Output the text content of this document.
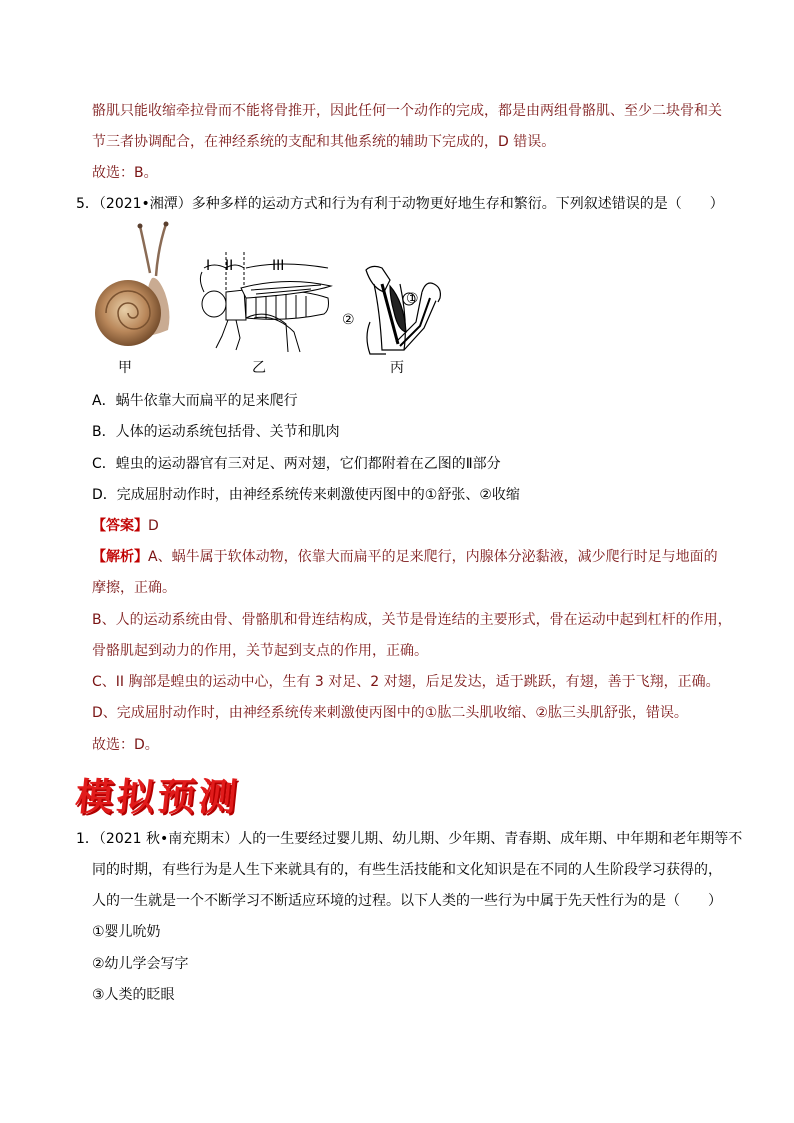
骼肌只能收缩牵拉骨而不能将骨推开，因此任何一个动作的完成，都是由两组骨骼肌、至少二块骨和关
节三者协调配合，在神经系统的支配和其他系统的辅助下完成的，D 错误。
故选：B。
5．（2021•湘潭）多种多样的运动方式和行为有利于动物更好地生存和繁衍。下列叙述错误的是（　　）
甲
I II	III
乙
①
②
丙
A．蜗牛依靠大而扁平的足来爬行
B．人体的运动系统包括骨、关节和肌肉
C．蝗虫的运动器官有三对足、两对翅，它们都附着在乙图的Ⅱ部分
D．完成屈肘动作时，由神经系统传来刺激使丙图中的①舒张、②收缩
【答案】D
【解析】A、蜗牛属于软体动物，依靠大而扁平的足来爬行，内腺体分泌黏液，减少爬行时足与地面的
摩擦，正确。
B、人的运动系统由骨、骨骼肌和骨连结构成，关节是骨连结的主要形式，骨在运动中起到杠杆的作用，
骨骼肌起到动力的作用，关节起到支点的作用，正确。
C、II 胸部是蝗虫的运动中心，生有 3 对足、2 对翅，后足发达，适于跳跃，有翅，善于飞翔，正确。
D、完成屈肘动作时，由神经系统传来刺激使丙图中的①肱二头肌收缩、②肱三头肌舒张，错误。
故选：D。
模拟预测
1．（2021 秋•南充期末）人的一生要经过婴儿期、幼儿期、少年期、青春期、成年期、中年期和老年期等不
同的时期，有些行为是人生下来就具有的，有些生活技能和文化知识是在不同的人生阶段学习获得的，
人的一生就是一个不断学习不断适应环境的过程。以下人类的一些行为中属于先天性行为的是（　　）
①婴儿吮奶
②幼儿学会写字
③人类的眨眼
